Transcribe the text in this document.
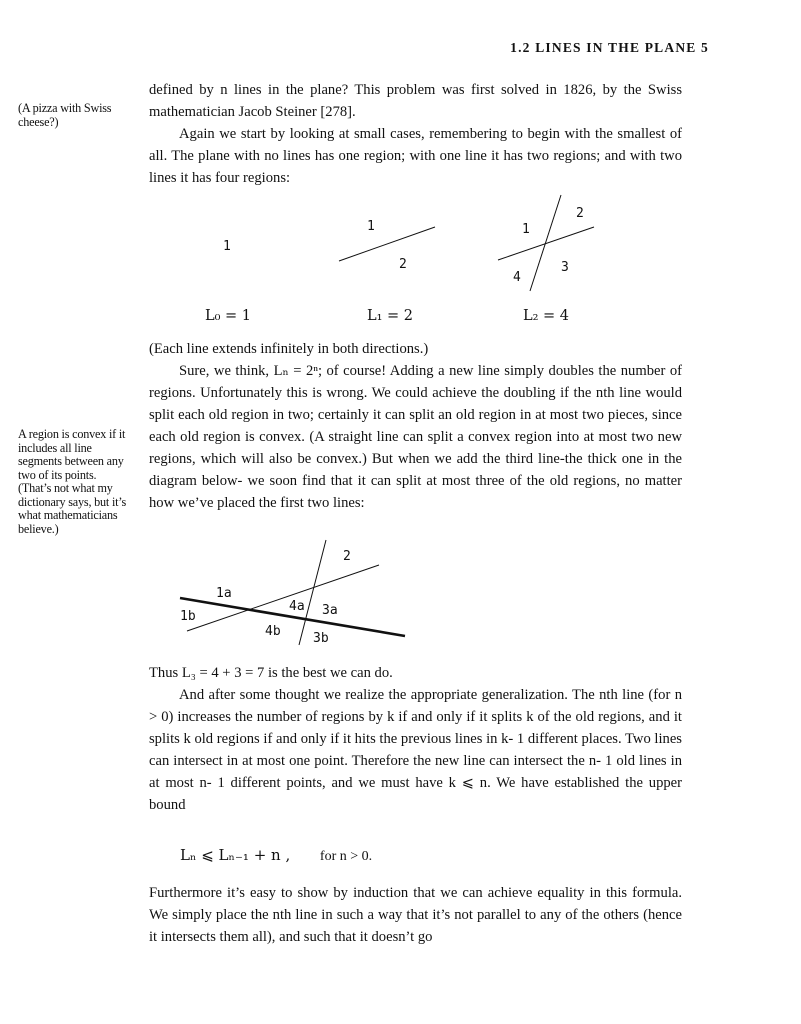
1.2 LINES IN THE PLANE 5
(A pizza with Swiss cheese?)
A region is convex if it includes all line segments between any two of its points. (That’s not what my dictionary says, but it’s what mathematicians believe.)

defined by n lines in the plane? This problem was first solved in 1826, by the Swiss mathematician Jacob Steiner [278].

Again we start by looking at small cases, remembering to begin with the smallest of all. The plane with no lines has one region; with one line it has two regions; and with two lines it has four regions:

1
L₀ = 1
1
2
L₁ = 2
1
2
3
4
L₂ = 4

(Each line extends infinitely in both directions.)

Sure, we think, Lₙ = 2ⁿ; of course! Adding a new line simply doubles the number of regions. Unfortunately this is wrong. We could achieve the doubling if the nth line would split each old region in two; certainly it can split an old region in at most two pieces, since each old region is convex. (A straight line can split a convex region into at most two new regions, which will also be convex.) But when we add the third line-the thick one in the diagram below- we soon find that it can split at most three of the old regions, no matter how we’ve placed the first two lines:

2
1a
1b
4a 3a
4b 3b

Thus L₃ = 4 + 3 = 7 is the best we can do.

And after some thought we realize the appropriate generalization. The nth line (for n > 0) increases the number of regions by k if and only if it splits k of the old regions, and it splits k old regions if and only if it hits the previous lines in k- 1 different places. Two lines can intersect in at most one point. Therefore the new line can intersect the n- 1 old lines in at most n- 1 different points, and we must have k ⩽ n. We have established the upper bound

Lₙ ⩽ Lₙ₋₁ + n , for n > 0.

Furthermore it’s easy to show by induction that we can achieve equality in this formula. We simply place the nth line in such a way that it’s not parallel to any of the others (hence it intersects them all), and such that it doesn’t go
